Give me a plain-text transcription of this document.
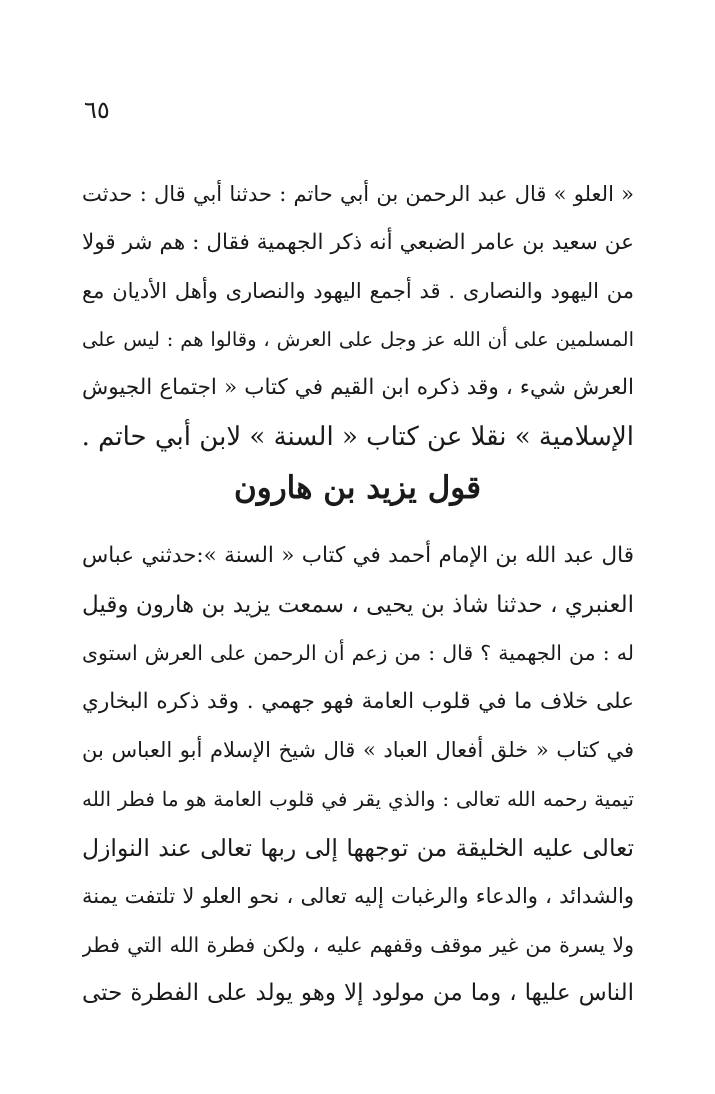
٦٥
« العلو » قال عبد الرحمن بن أبي حاتم : حدثنا أبي قال : حدثت
عن سعيد بن عامر الضبعي أنه ذكر الجهمية فقال : هم شر قولا
من اليهود والنصارى . قد أجمع اليهود والنصارى وأهل الأديان مع
المسلمين على أن الله عز وجل على العرش ، وقالوا هم : ليس على
العرش شيء ، وقد ذكره ابن القيم في كتاب « اجتماع الجيوش
الإسلامية » نقلا عن كتاب « السنة » لابن أبي حاتم .
قول يزيد بن هارون
قال عبد الله بن الإمام أحمد في كتاب « السنة »:حدثني عباس
العنبري ، حدثنا شاذ بن يحيى ، سمعت يزيد بن هارون وقيل
له : من الجهمية ؟ قال : من زعم أن الرحمن على العرش استوى
على خلاف ما في قلوب العامة فهو جهمي . وقد ذكره البخاري
في كتاب « خلق أفعال العباد » قال شيخ الإسلام أبو العباس بن
تيمية رحمه الله تعالى : والذي يقر في قلوب العامة هو ما فطر الله
تعالى عليه الخليقة من توجهها إلى ربها تعالى عند النوازل
والشدائد ، والدعاء والرغبات إليه تعالى ، نحو العلو لا تلتفت يمنة
ولا يسرة من غير موقف وقفهم عليه ، ولكن فطرة الله التي فطر
الناس عليها ، وما من مولود إلا وهو يولد على الفطرة حتى
